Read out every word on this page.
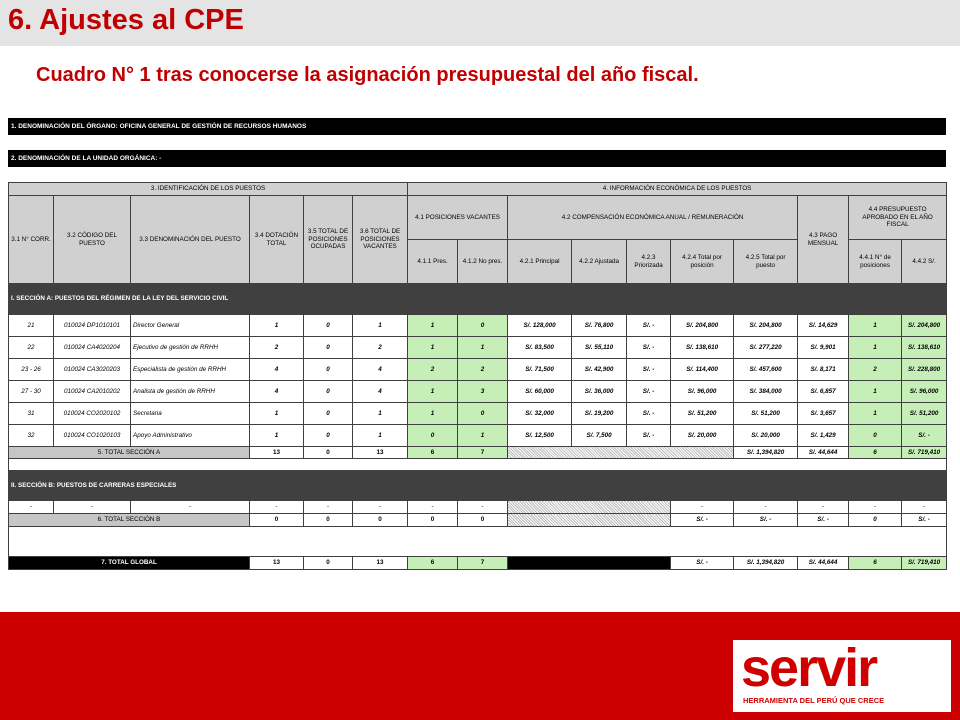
6. Ajustes al CPE
Cuadro N° 1 tras conocerse la asignación presupuestal del año fiscal.
1. DENOMINACIÓN DEL ÓRGANO: OFICINA GENERAL DE GESTIÓN DE RECURSOS HUMANOS
2. DENOMINACIÓN DE LA UNIDAD ORGÁNICA: -
3. IDENTIFICACIÓN DE LOS PUESTOS						4. INFORMACIÓN ECONÓMICA DE LOS PUESTOS									
3.1 N° CORR.	3.2 CÓDIGO DEL PUESTO	3.3 DENOMINACIÓN DEL PUESTO	3.4 DOTACIÓN TOTAL	3.5 TOTAL DE POSICIONES OCUPADAS	3.6 TOTAL DE POSICIONES VACANTES	4.1 POSICIONES VACANTES		4.2 COMPENSACIÓN ECONÓMICA ANUAL / REMUNERACIÓN					4.3 PAGO MENSUAL	4.4 PRESUPUESTO APROBADO EN EL AÑO FISCAL	
						4.1.1 Pres.	4.1.2 No pres.	4.2.1 Principal	4.2.2 Ajustada	4.2.3 Priorizada	4.2.4 Total por posición	4.2.5 Total por puesto		4.4.1 N° de posiciones	4.4.2 S/.
I. SECCIÓN A: PUESTOS DEL RÉGIMEN DE LA LEY DEL SERVICIO CIVIL															
21	010024 DP1010101	Director General	1	0	1	1	0	S/. 128,000	S/. 76,800	S/. -	S/. 204,800	S/. 204,800	S/. 14,629	1	S/. 204,800
22	010024 CA4020204	Ejecutivo de gestión de RRHH	2	0	2	1	1	S/. 83,500	S/. 55,110	S/. -	S/. 138,610	S/. 277,220	S/. 9,901	1	S/. 138,610
23 - 26	010024 CA3020203	Especialista de gestión de RRHH	4	0	4	2	2	S/. 71,500	S/. 42,900	S/. -	S/. 114,400	S/. 457,600	S/. 8,171	2	S/. 228,800
27 - 30	010024 CA2010202	Analista de gestión de RRHH	4	0	4	1	3	S/. 60,000	S/. 36,000	S/. -	S/. 96,000	S/. 384,000	S/. 6,857	1	S/. 96,000
31	010024 CO2020102	Secretaria	1	0	1	1	0	S/. 32,000	S/. 19,200	S/. -	S/. 51,200	S/. 51,200	S/. 3,657	1	S/. 51,200
32	010024 CO1020103	Apoyo Administrativo	1	0	1	0	1	S/. 12,500	S/. 7,500	S/. -	S/. 20,000	S/. 20,000	S/. 1,429	0	S/. -
5. TOTAL SECCIÓN A			13	0	13	6	7					S/. 1,394,820	S/. 44,644	6	S/. 719,410

II. SECCIÓN B: PUESTOS DE CARRERAS ESPECIALES															
-	-	-	-	-	-	-	-				-	-	-	-	-
6. TOTAL SECCIÓN B			0	0	0	0	0				S/. -	S/. -	S/. -	0	S/. -

7. TOTAL GLOBAL			13	0	13	6	7				S/. -	S/. 1,394,820	S/. 44,644	6	S/. 719,410
servir
HERRAMIENTA DEL PERÚ QUE CRECE
